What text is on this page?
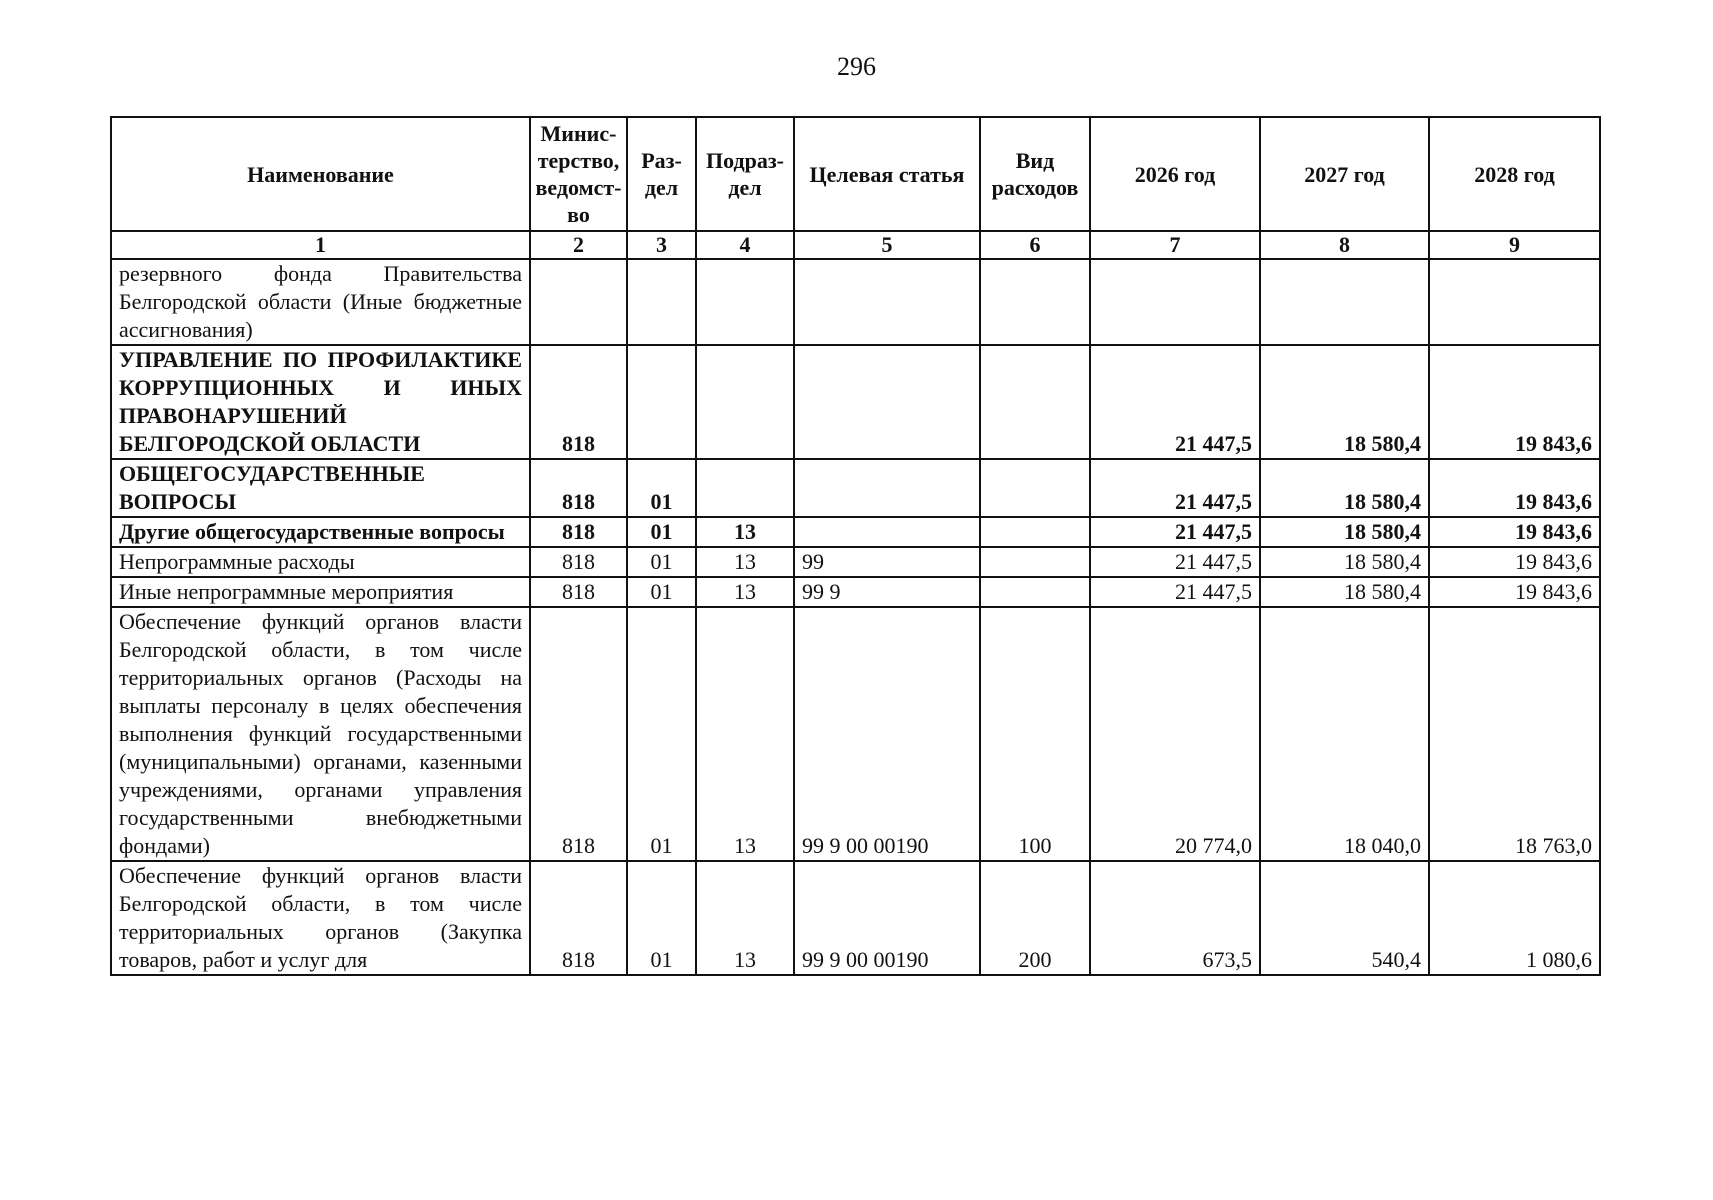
296
Наименование	Минис-терство, ведомст-во	Раз-дел	Подраз-дел	Целевая статья	Вид расходов	2026 год	2027 год	2028 год
1	2	3	4	5	6	7	8	9
резервного фонда Правительства Белгородской области (Иные бюджетные ассигнования)								
УПРАВЛЕНИЕ ПО ПРОФИЛАКТИКЕ КОРРУПЦИОННЫХ И ИНЫХ ПРАВОНАРУШЕНИЙ БЕЛГОРОДСКОЙ ОБЛАСТИ	818					21 447,5	18 580,4	19 843,6
ОБЩЕГОСУДАРСТВЕННЫЕ ВОПРОСЫ	818	01				21 447,5	18 580,4	19 843,6
Другие общегосударственные вопросы	818	01	13			21 447,5	18 580,4	19 843,6
Непрограммные расходы	818	01	13	99		21 447,5	18 580,4	19 843,6
Иные непрограммные мероприятия	818	01	13	99 9		21 447,5	18 580,4	19 843,6
Обеспечение функций органов власти Белгородской области, в том числе территориальных органов (Расходы на выплаты персоналу в целях обеспечения выполнения функций государственными (муниципальными) органами, казенными учреждениями, органами управления государственными внебюджетными фондами)	818	01	13	99 9 00 00190	100	20 774,0	18 040,0	18 763,0
Обеспечение функций органов власти Белгородской области, в том числе территориальных органов (Закупка товаров, работ и услуг для	818	01	13	99 9 00 00190	200	673,5	540,4	1 080,6
